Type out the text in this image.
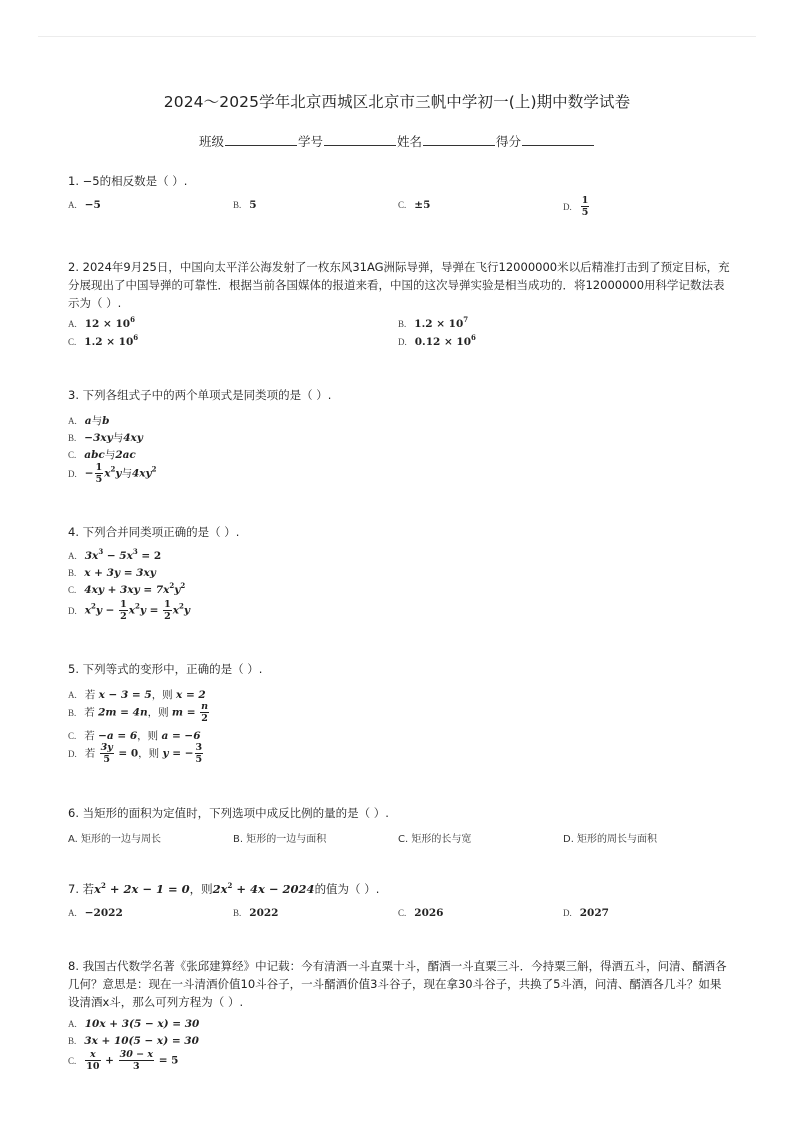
2024～2025学年北京西城区北京市三帆中学初一(上)期中数学试卷
班级	学号	姓名	得分

1. −5的相反数是（ ）.

A. −5	B. 5	C. ±5	D. $\frac{1}{5}$

2. 2024年9月25日，中国向太平洋公海发射了一枚东风31AG洲际导弹，导弹在飞行12000000米以后精准打击到了预定目标，充分展现出了中国导弹的可靠性．根据当前各国媒体的报道来看，中国的这次导弹实验是相当成功的．将12000000用科学记数法表示为（ ）.

A. $12 \times 10^6$	B. $1.2 \times 10^7$
C. $1.2 \times 10^6$	D. $0.12 \times 10^6$

3. 下列各组式子中的两个单项式是同类项的是（ ）.

A. a与b
B. −3xy与4xy
C. abc与2ac
D. − $\frac{1}{5} x^2y$与$4xy^2$

4. 下列合并同类项正确的是（ ）.

A. $3x^3 - 5x^3 = 2$
B. x + 3y = 3xy
C. $4xy + 3xy = 7x^2y^2$
D. $x^2y - \frac{1}{2} x^2y = \frac{1}{2} x^2y$

5. 下列等式的变形中，正确的是（ ）.

A. 若 x − 3 = 5，则 x = 2
B. 若 2m = 4n，则 $m = \frac{n}{2}$
C. 若 −a = 6，则 a = −6
D. 若 $\frac{3y}{5} = 0$，则 y = − $\frac{3}{5}$

6. 当矩形的面积为定值时，下列选项中成反比例的量的是（ ）.

A. 矩形的一边与周长	B. 矩形的一边与面积	C. 矩形的长与宽	D. 矩形的周长与面积

7. 若$x^2 + 2x - 1 = 0$，则$2x^2 + 4x - 2024$的值为（ ）.

A. −2022	B. 2022	C. 2026	D. 2027

8. 我国古代数学名著《张邱建算经》中记载：今有清酒一斗直粟十斗，醑酒一斗直粟三斗．今持粟三斛，得酒五斗，问清、醑酒各几何？意思是：现在一斗清酒价值10斗谷子，一斗醑酒价值3斗谷子，现在拿30斗谷子，共换了5斗酒，问清、醑酒各几斗？如果设清酒x斗，那么可列方程为（ ）.

A. 10x + 3(5 − x) = 30
B. 3x + 10(5 − x) = 30
C. $\frac{x}{10} + \frac{30 - x}{3} = 5$
